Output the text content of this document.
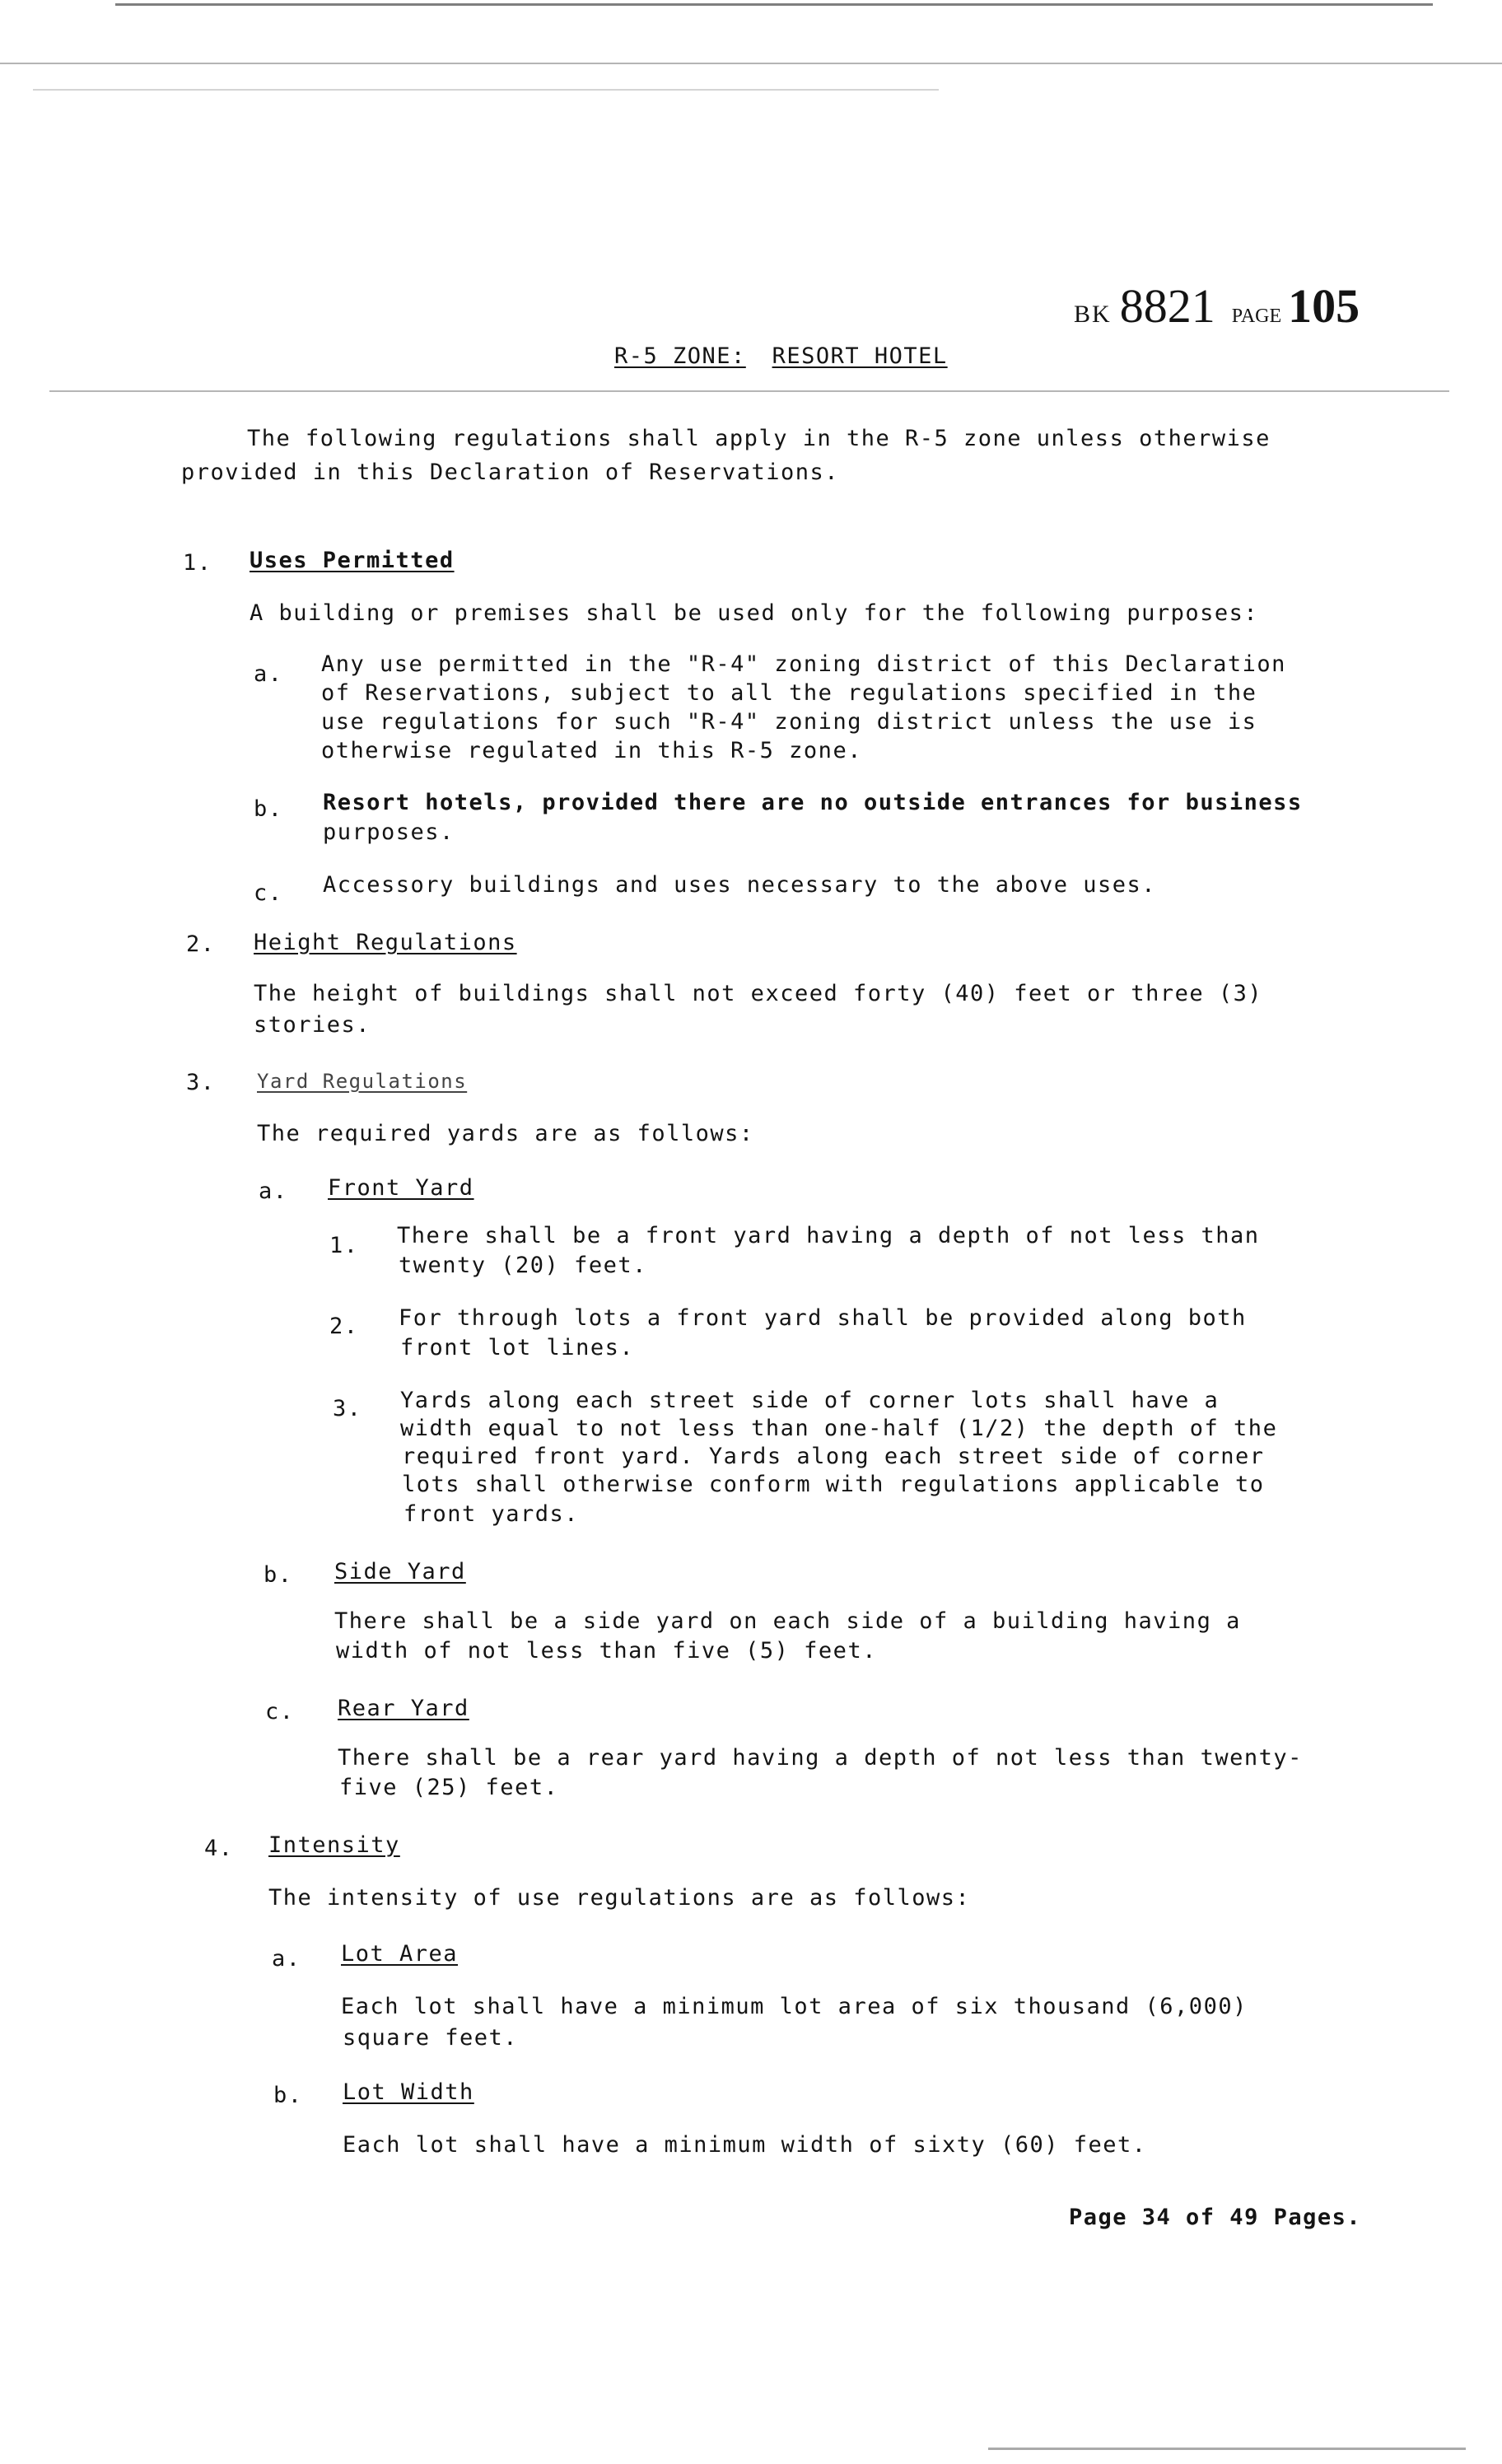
BK 8821 PAGE 105
R-5 ZONE: RESORT HOTEL
The following regulations shall apply in the R-5 zone unless otherwise
provided in this Declaration of Reservations.
1. Uses Permitted
A building or premises shall be used only for the following purposes:
a. Any use permitted in the "R-4" zoning district of this Declaration
of Reservations, subject to all the regulations specified in the
use regulations for such "R-4" zoning district unless the use is
otherwise regulated in this R-5 zone.
b. Resort hotels, provided there are no outside entrances for business
purposes.
c. Accessory buildings and uses necessary to the above uses.
2. Height Regulations
The height of buildings shall not exceed forty (40) feet or three (3)
stories.
3. Yard Regulations
The required yards are as follows:
a. Front Yard
1. There shall be a front yard having a depth of not less than
twenty (20) feet.
2. For through lots a front yard shall be provided along both
front lot lines.
3. Yards along each street side of corner lots shall have a
width equal to not less than one-half (1/2) the depth of the
required front yard. Yards along each street side of corner
lots shall otherwise conform with regulations applicable to
front yards.
b. Side Yard
There shall be a side yard on each side of a building having a
width of not less than five (5) feet.
c. Rear Yard
There shall be a rear yard having a depth of not less than twenty-
five (25) feet.
4. Intensity
The intensity of use regulations are as follows:
a. Lot Area
Each lot shall have a minimum lot area of six thousand (6,000)
square feet.
b. Lot Width
Each lot shall have a minimum width of sixty (60) feet.
Page 34 of 49 Pages.
